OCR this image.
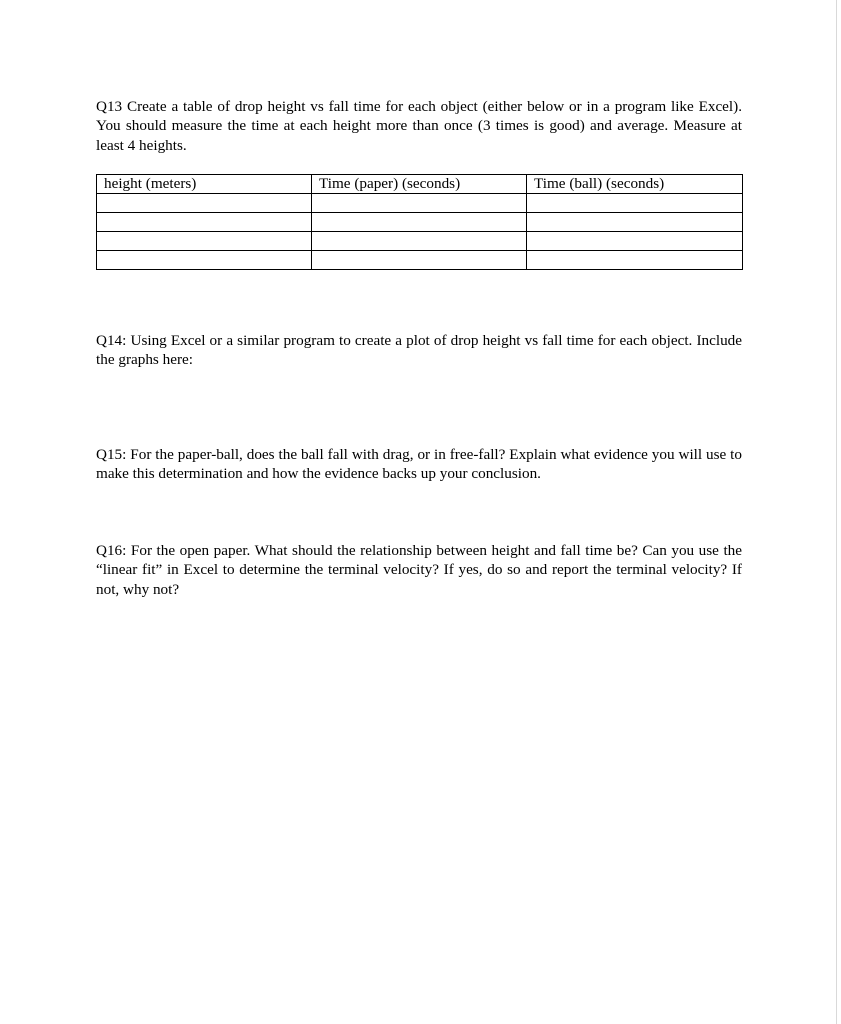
Q13 Create a table of drop height vs fall time for each object (either below or in a program like Excel). You should measure the time at each height more than once (3 times is good) and average. Measure at least 4 heights.

height (meters)	Time (paper) (seconds)	Time (ball) (seconds)

Q14: Using Excel or a similar program to create a plot of drop height vs fall time for each object. Include the graphs here:

Q15: For the paper-ball, does the ball fall with drag, or in free-fall? Explain what evidence you will use to make this determination and how the evidence backs up your conclusion.

Q16: For the open paper. What should the relationship between height and fall time be? Can you use the “linear fit” in Excel to determine the terminal velocity? If yes, do so and report the terminal velocity? If not, why not?
